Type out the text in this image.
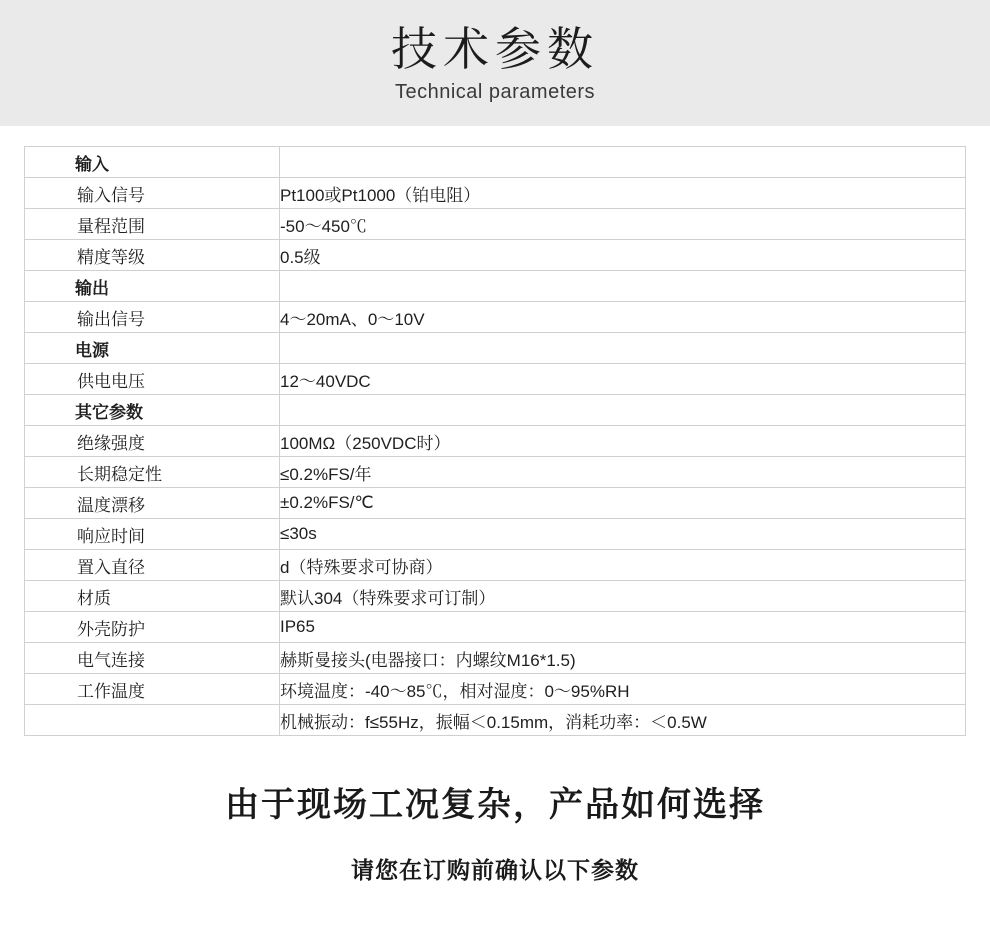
技术参数
Technical parameters
输入	
输入信号	Pt100或Pt1000（铂电阻）
量程范围	-50～450℃
精度等级	0.5级
输出	
输出信号	4～20mA、0～10V
电源	
供电电压	12～40VDC
其它参数	
绝缘强度	100MΩ（250VDC时）
长期稳定性	≤0.2%FS/年
温度漂移	±0.2%FS/℃
响应时间	≤30s
置入直径	d（特殊要求可协商）
材质	默认304（特殊要求可订制）
外壳防护	IP65
电气连接	赫斯曼接头(电器接口：内螺纹M16*1.5)
工作温度	环境温度：-40～85℃，相对湿度：0～95%RH
	机械振动：f≤55Hz，振幅＜0.15mm，消耗功率：＜0.5W
由于现场工况复杂，产品如何选择
请您在订购前确认以下参数
